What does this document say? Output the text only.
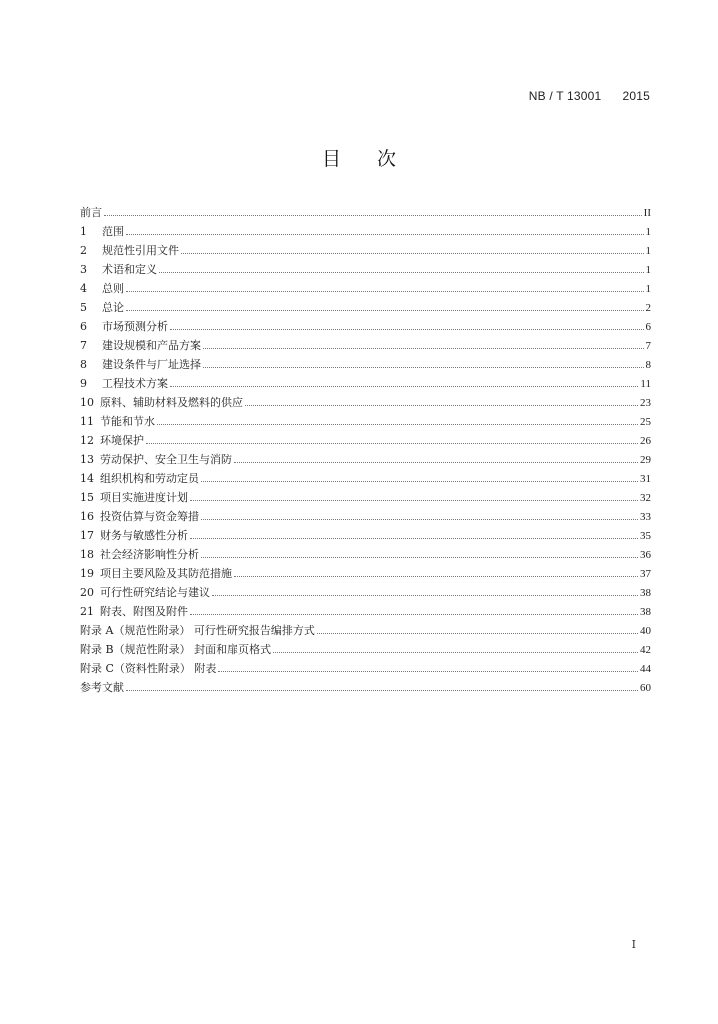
NB / T 13001 2015
目次
前言	II
1	范围	1
2	规范性引用文件	1
3	术语和定义	1
4	总则	1
5	总论	2
6	市场预测分析	6
7	建设规模和产品方案	7
8	建设条件与厂址选择	8
9	工程技术方案	11
10 原料、辅助材料及燃料的供应	23
11 节能和节水	25
12 环境保护	26
13 劳动保护、安全卫生与消防	29
14 组织机构和劳动定员	31
15 项目实施进度计划	32
16 投资估算与资金筹措	33
17 财务与敏感性分析	35
18 社会经济影响性分析	36
19 项目主要风险及其防范措施	37
20 可行性研究结论与建议	38
21 附表、附图及附件	38
附录 A（规范性附录） 可行性研究报告编排方式	40
附录 B（规范性附录） 封面和扉页格式	42
附录 C（资料性附录） 附表	44
参考文献	60
I
